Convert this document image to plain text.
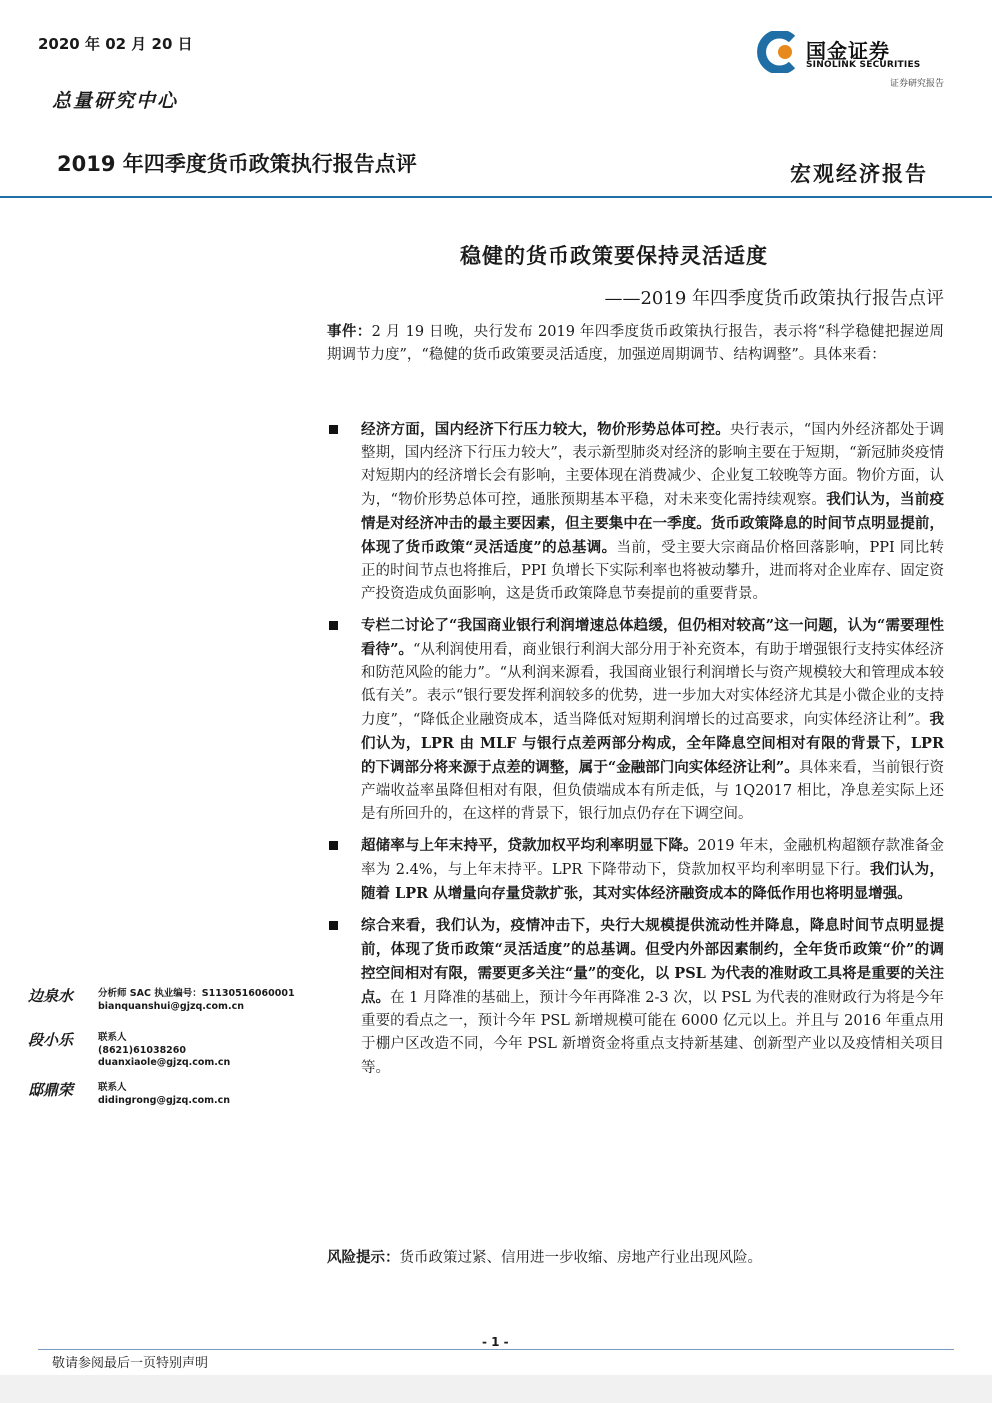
2020 年 02 月 20 日
总量研究中心
国金证券
SINOLINK SECURITIES
证券研究报告
2019 年四季度货币政策执行报告点评	宏观经济报告
稳健的货币政策要保持灵活适度
——2019 年四季度货币政策执行报告点评
事件：2 月 19 日晚，央行发布 2019 年四季度货币政策执行报告，表示将“科学稳健把握逆周期调节力度”，“稳健的货币政策要灵活适度，加强逆周期调节、结构调整”。具体来看：
经济方面，国内经济下行压力较大，物价形势总体可控。央行表示，“国内外经济都处于调整期，国内经济下行压力较大”，表示新型肺炎对经济的影响主要在于短期，“新冠肺炎疫情对短期内的经济增长会有影响，主要体现在消费减少、企业复工较晚等方面。物价方面，认为，“物价形势总体可控，通胀预期基本平稳，对未来变化需持续观察。我们认为，当前疫情是对经济冲击的最主要因素，但主要集中在一季度。货币政策降息的时间节点明显提前，体现了货币政策“灵活适度”的总基调。当前，受主要大宗商品价格回落影响，PPI 同比转正的时间节点也将推后，PPI 负增长下实际利率也将被动攀升，进而将对企业库存、固定资产投资造成负面影响，这是货币政策降息节奏提前的重要背景。
专栏二讨论了“我国商业银行利润增速总体趋缓，但仍相对较高”这一问题，认为“需要理性看待”。“从利润使用看，商业银行利润大部分用于补充资本，有助于增强银行支持实体经济和防范风险的能力”。“从利润来源看，我国商业银行利润增长与资产规模较大和管理成本较低有关”。表示“银行要发挥利润较多的优势，进一步加大对实体经济尤其是小微企业的支持力度”，“降低企业融资成本，适当降低对短期利润增长的过高要求，向实体经济让利”。我们认为，LPR 由 MLF 与银行点差两部分构成，全年降息空间相对有限的背景下，LPR 的下调部分将来源于点差的调整，属于“金融部门向实体经济让利”。具体来看，当前银行资产端收益率虽降但相对有限，但负债端成本有所走低，与 1Q2017 相比，净息差实际上还是有所回升的，在这样的背景下，银行加点仍存在下调空间。
超储率与上年末持平，贷款加权平均利率明显下降。2019 年末，金融机构超额存款准备金率为 2.4%，与上年末持平。LPR 下降带动下，贷款加权平均利率明显下行。我们认为，随着 LPR 从增量向存量贷款扩张，其对实体经济融资成本的降低作用也将明显增强。
综合来看，我们认为，疫情冲击下，央行大规模提供流动性并降息，降息时间节点明显提前，体现了货币政策“灵活适度”的总基调。但受内外部因素制约，全年货币政策“价”的调控空间相对有限，需要更多关注“量”的变化，以 PSL 为代表的准财政工具将是重要的关注点。在 1 月降准的基础上，预计今年再降准 2-3 次，以 PSL 为代表的准财政行为将是今年重要的看点之一，预计今年 PSL 新增规模可能在 6000 亿元以上。并且与 2016 年重点用于棚户区改造不同，今年 PSL 新增资金将重点支持新基建、创新型产业以及疫情相关项目等。
风险提示：货币政策过紧、信用进一步收缩、房地产行业出现风险。
边泉水	分析师 SAC 执业编号：S1130516060001
bianquanshui@gjzq.com.cn
段小乐	联系人
(8621)61038260
duanxiaole@gjzq.com.cn
邸鼎荣	联系人
didingrong@gjzq.com.cn
- 1 -
敬请参阅最后一页特别声明
